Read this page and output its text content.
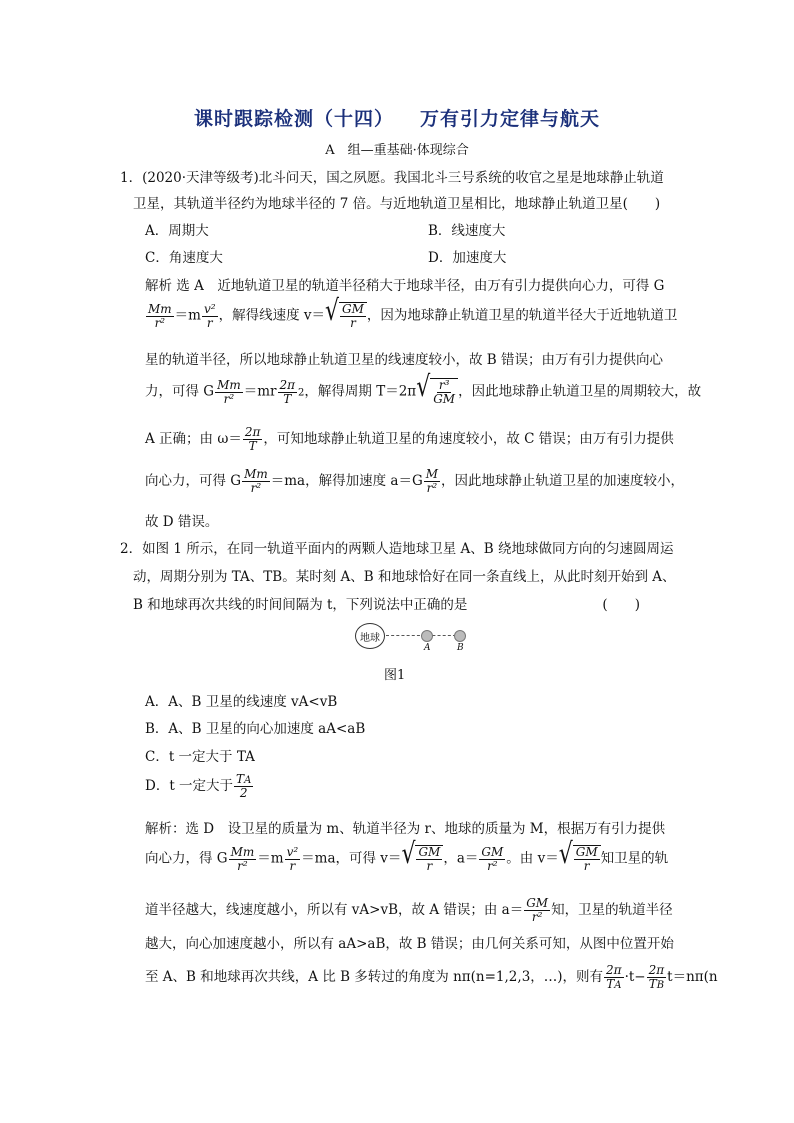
课时跟踪检测（十四） 万有引力定律与航天
A　组—重基础·体现综合
1．(2020·天津等级考)北斗问天，国之夙愿。我国北斗三号系统的收官之星是地球静止轨道
卫星，其轨道半径约为地球半径的 7 倍。与近地轨道卫星相比，地球静止轨道卫星(　　)
A．周期大	B．线速度大
C．角速度大	D．加速度大
解析 选 A　近地轨道卫星的轨道半径稍大于地球半径，由万有引力提供向心力，可得 G
$\frac{Mm}{\text{r²}} =m \frac{\text{v²}}{r}$ ，解得线速度 v＝ √ $\frac{GM}{r}$ ，因为地球静止轨道卫星的轨道半径大于近地轨道卫
星的轨道半径，所以地球静止轨道卫星的线速度较小，故 B 错误；由万有引力提供向心
力，可得 G $\frac{Mm}{\text{r²}} =mr \frac{2\pi}{T} 2$，解得周期 T＝2π √ $\frac{\text{r³}}{GM}$ ，因此地球静止轨道卫星的周期较大，故
A 正确；由 $\omega= \frac{2\pi}{T}$ ，可知地球静止轨道卫星的角速度较小，故 C 错误；由万有引力提供
向心力，可得 G $\frac{Mm}{\text{r²}} =ma$，解得加速度 $a=G \frac{M}{\text{r²}}$ ，因此地球静止轨道卫星的加速度较小，
故 D 错误。
2．如图 1 所示，在同一轨道平面内的两颗人造地球卫星 A、B 绕地球做同方向的匀速圆周运
动，周期分别为 TA、TB。某时刻 A、B 和地球恰好在同一条直线上，从此时刻开始到 A、
B 和地球再次共线的时间间隔为 t，下列说法中正确的是　　　　　　　　　　(　　)
地球
A	B
图1
A．A、B 卫星的线速度 vA<vB
B．A、B 卫星的向心加速度 aA<aB
C．t 一定大于 TA
D．t 一定大于 $\frac{TA}{2}$
解析：选 D　设卫星的质量为 m、轨道半径为 r、地球的质量为 M，根据万有引力提供
向心力，得 G $\frac{Mm}{\text{r²}} =m \frac{\text{v²}}{r} =ma$，可得 v＝ √ $\frac{GM}{r}$ ，$a= \frac{GM}{\text{r²}}$ 。由 v＝ √ $\frac{GM}{r}$ 知卫星的轨
道半径越大，线速度越小，所以有 vA>vB，故 A 错误；由 $a= \frac{GM}{\text{r²}}$ 知，卫星的轨道半径
越大，向心加速度越小，所以有 aA>aB，故 B 错误；由几何关系可知，从图中位置开始
至 A、B 和地球再次共线，A 比 B 多转过的角度为 nπ(n=1,2,3，…)，则有 $\frac{2\pi}{TA} \cdot t- \frac{2\pi}{TB} t=n\pi(n$
